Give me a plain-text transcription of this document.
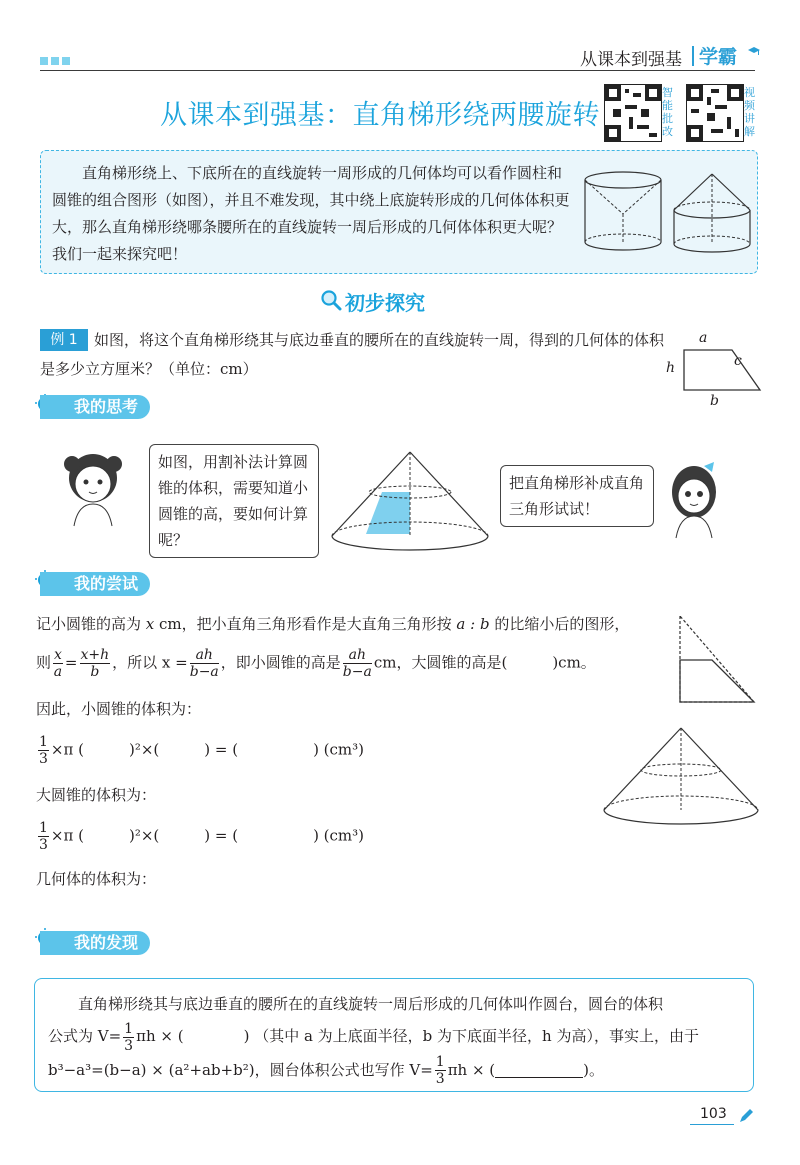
从课本到强基 学霸
从课本到强基：直角梯形绕两腰旋转
智能批改
视频讲解
直角梯形绕上、下底所在的直线旋转一周形成的几何体均可以看作圆柱和圆锥的组合图形（如图），并且不难发现，其中绕上底旋转形成的几何体体积更大，那么直角梯形绕哪条腰所在的直线旋转一周后形成的几何体体积更大呢？我们一起来探究吧！
初步探究
如图，将这个直角梯形绕其与底边垂直的腰所在的直线旋转一周，得到的几何体的体积是多少立方厘米？（单位：cm）
例 1	a
c
h
b
我的思考
如图，用割补法计算圆锥的体积，需要知道小圆锥的高，要如何计算呢？
把直角梯形补成直角三角形试试！
我的尝试
记小圆锥的高为 x cm，把小直角三角形看作是大直角三角形按 a : b 的比缩小后的图形，
则 $\frac{x}{a} = \frac{x+h}{b}$ ，所以 $x = \frac{ah}{b-a}$ ，即小圆锥的高是 $\frac{ah}{b-a}$ cm，大圆锥的高是(　　　)cm。
因此，小圆锥的体积为：
$\frac{1}{3} \times\pi$ (　　　)²×(　　　) = (　　　　　) (cm³)
大圆锥的体积为：
$\frac{1}{3} \times\pi$ (　　　)²×(　　　) = (　　　　　) (cm³)
几何体的体积为：
我的发现
直角梯形绕其与底边垂直的腰所在的直线旋转一周后形成的几何体叫作圆台，圆台的体积
公式为 $V= \frac{1}{3}$ πh × (　　　　) （其中 a 为上底面半径，b 为下底面半径，h 为高），事实上，由于
b³−a³=(b−a) × (a²+ab+b²)，圆台体积公式也写作 $V= \frac{1}{3}$ πh × (	)。
103
